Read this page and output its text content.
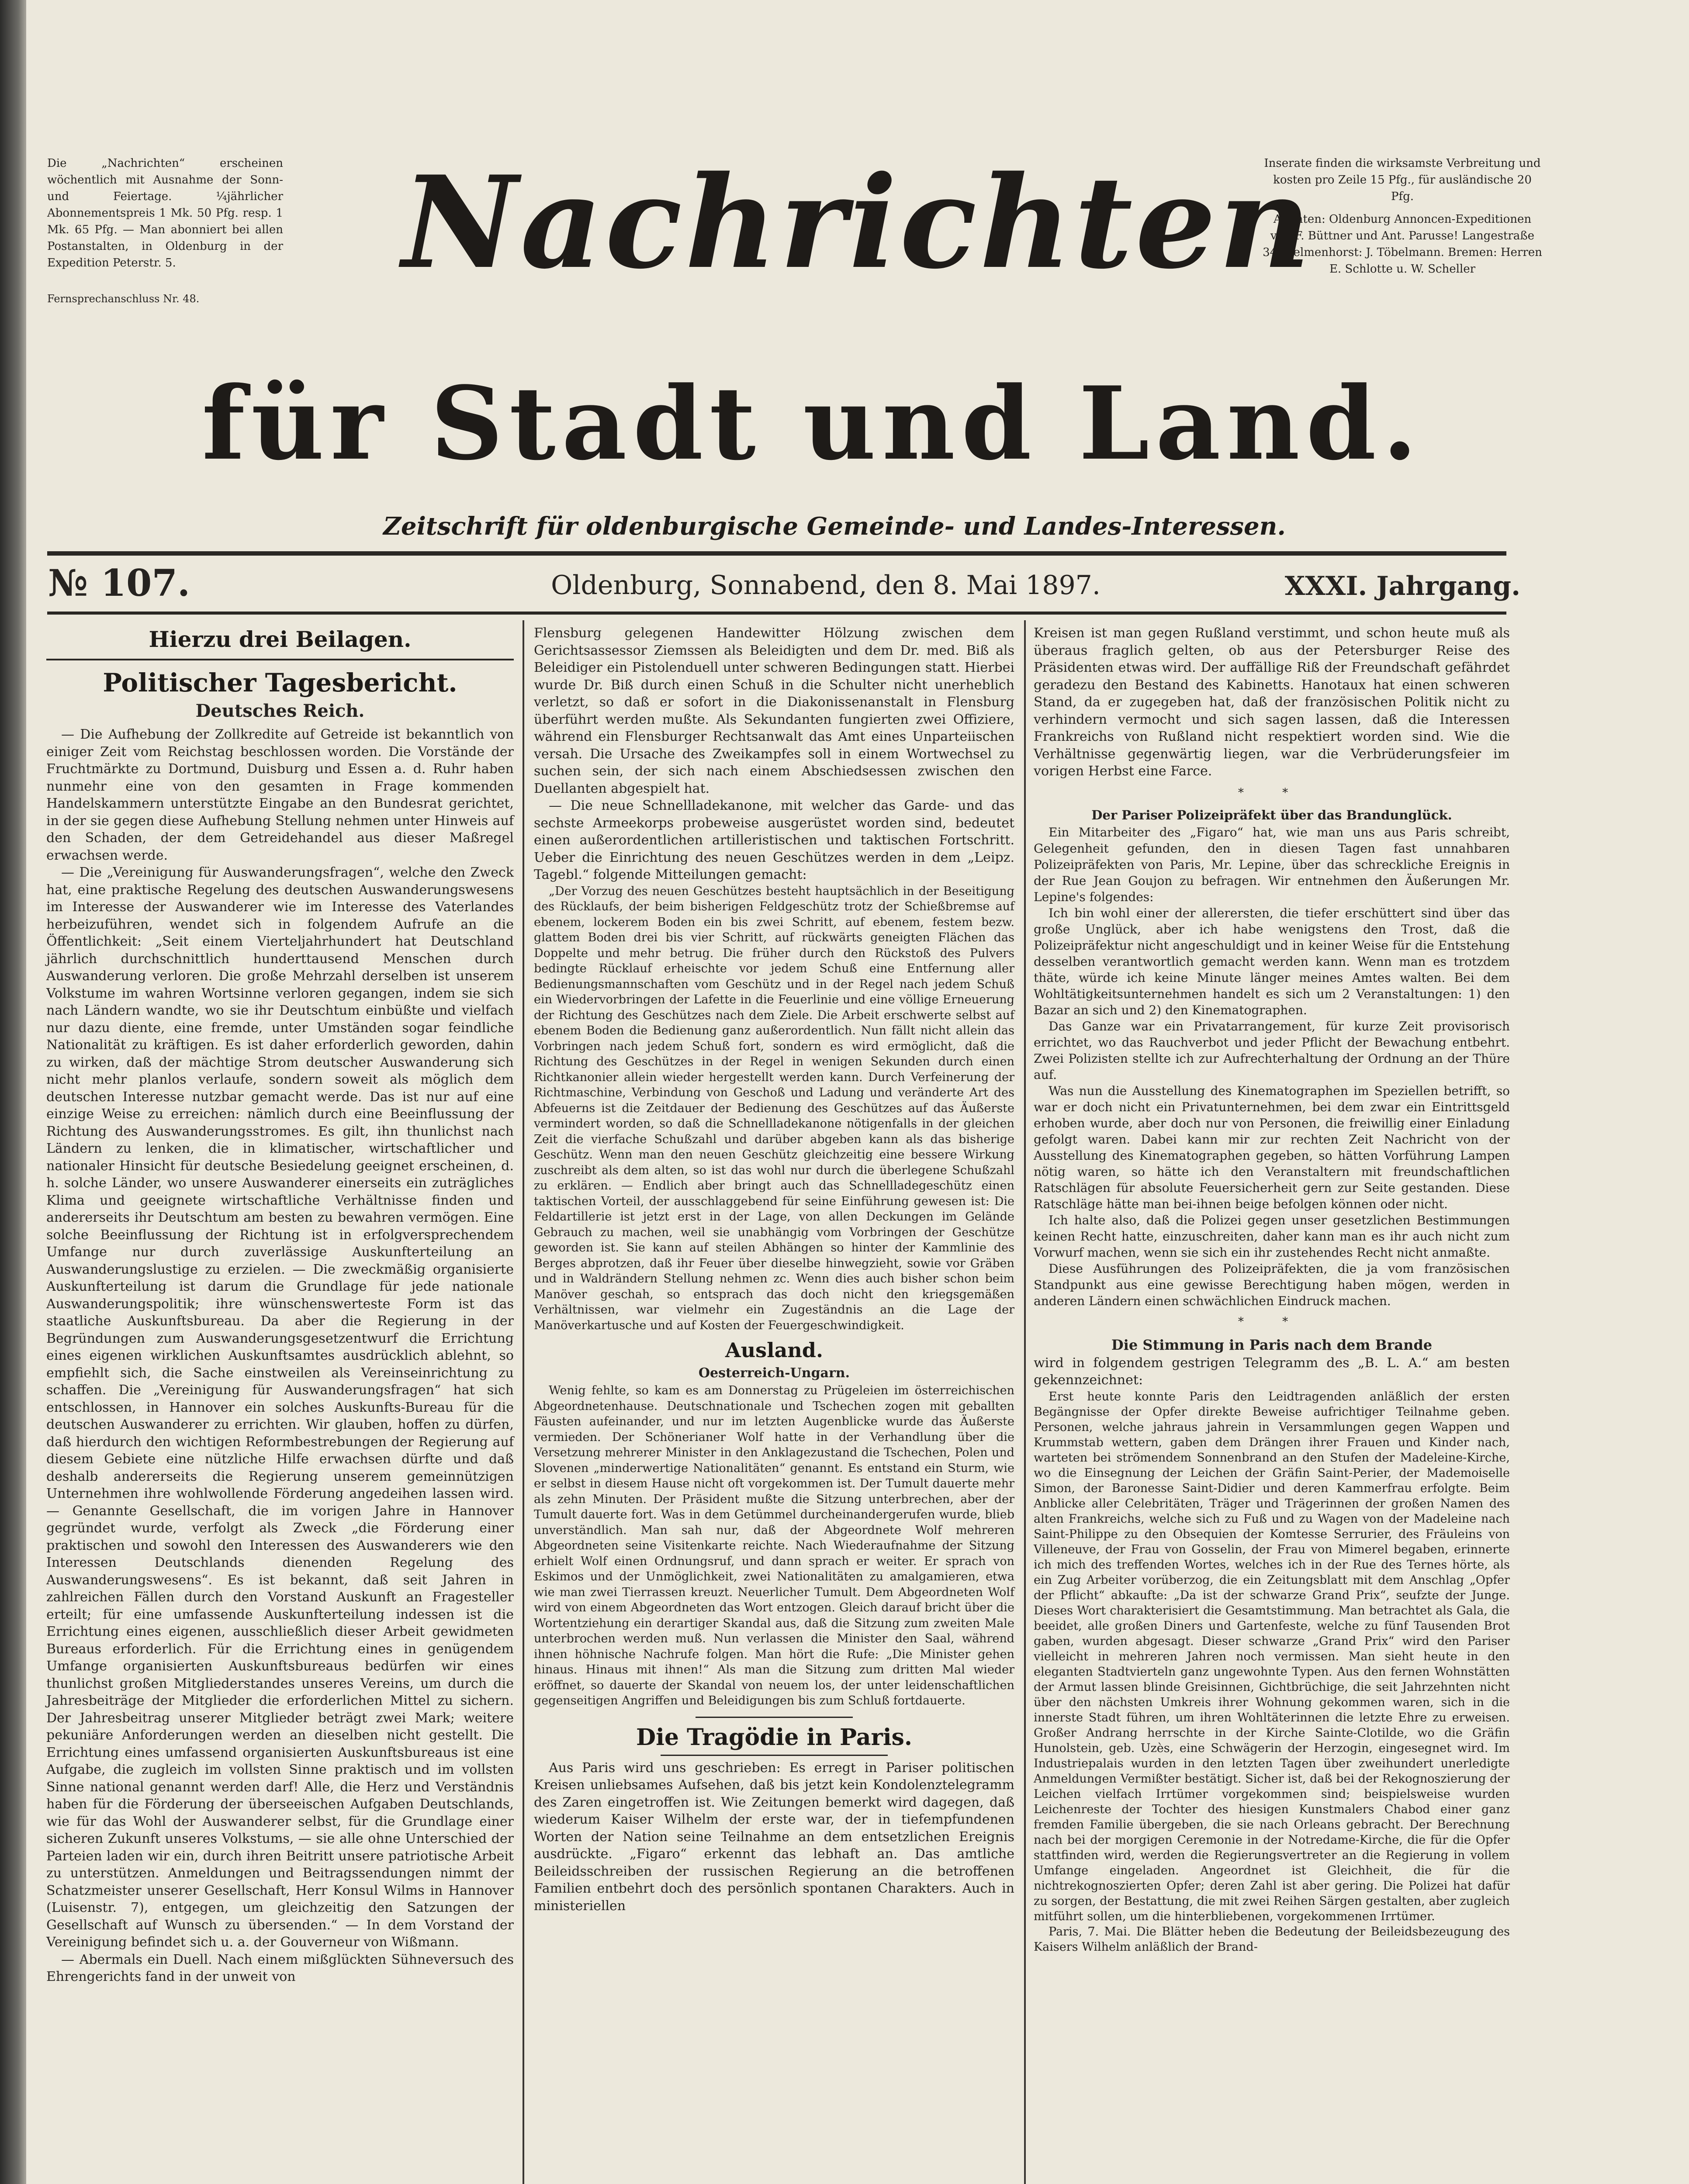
Die „Nachrichten“ erscheinen wöchentlich mit Ausnahme der Sonn- und Feiertage. ¼jährlicher Abonnementspreis 1 Mk. 50 Pfg. resp. 1 Mk. 65 Pfg. — Man abonniert bei allen Postanstalten, in Oldenburg in der Expedition Peterstr. 5.

Fernsprechanschluss Nr. 48.

Inserate finden die wirksamste Verbreitung und kosten pro Zeile 15 Pfg., für ausländische 20 Pfg.

Agenten: Oldenburg Annoncen-Expeditionen von F. Büttner und Ant. Parusse! Langestraße 34. Delmenhorst: J. Töbelmann. Bremen: Herren E. Schlotte u. W. Scheller

Nachrichten
für Stadt und Land.
Zeitschrift für oldenburgische Gemeinde- und Landes-Interessen.
№ 107.	Oldenburg, Sonnabend, den 8. Mai 1897.	XXXI. Jahrgang.
Hierzu drei Beilagen.
Politischer Tagesbericht.
Deutsches Reich.

— Die Aufhebung der Zollkredite auf Getreide ist bekanntlich von einiger Zeit vom Reichstag beschlossen worden. Die Vorstände der Fruchtmärkte zu Dortmund, Duisburg und Essen a. d. Ruhr haben nunmehr eine von den gesamten in Frage kommenden Handelskammern unterstützte Eingabe an den Bundesrat gerichtet, in der sie gegen diese Aufhebung Stellung nehmen unter Hinweis auf den Schaden, der dem Getreidehandel aus dieser Maßregel erwachsen werde.

— Die „Vereinigung für Auswanderungsfragen“, welche den Zweck hat, eine praktische Regelung des deutschen Auswanderungswesens im Interesse der Auswanderer wie im Interesse des Vaterlandes herbeizuführen, wendet sich in folgendem Aufrufe an die Öffentlichkeit: „Seit einem Vierteljahrhundert hat Deutschland jährlich durchschnittlich hunderttausend Menschen durch Auswanderung verloren. Die große Mehrzahl derselben ist unserem Volkstume im wahren Wortsinne verloren gegangen, indem sie sich nach Ländern wandte, wo sie ihr Deutschtum einbüßte und vielfach nur dazu diente, eine fremde, unter Umständen sogar feindliche Nationalität zu kräftigen. Es ist daher erforderlich geworden, dahin zu wirken, daß der mächtige Strom deutscher Auswanderung sich nicht mehr planlos verlaufe, sondern soweit als möglich dem deutschen Interesse nutzbar gemacht werde. Das ist nur auf eine einzige Weise zu erreichen: nämlich durch eine Beeinflussung der Richtung des Auswanderungsstromes. Es gilt, ihn thunlichst nach Ländern zu lenken, die in klimatischer, wirtschaftlicher und nationaler Hinsicht für deutsche Besiedelung geeignet erscheinen, d. h. solche Länder, wo unsere Auswanderer einerseits ein zuträgliches Klima und geeignete wirtschaftliche Verhältnisse finden und andererseits ihr Deutschtum am besten zu bewahren vermögen. Eine solche Beeinflussung der Richtung ist in erfolgversprechendem Umfange nur durch zuverlässige Auskunfterteilung an Auswanderungslustige zu erzielen. — Die zweckmäßig organisierte Auskunfterteilung ist darum die Grundlage für jede nationale Auswanderungspolitik; ihre wünschenswerteste Form ist das staatliche Auskunftsbureau. Da aber die Regierung in der Begründungen zum Auswanderungsgesetzentwurf die Errichtung eines eigenen wirklichen Auskunftsamtes ausdrücklich ablehnt, so empfiehlt sich, die Sache einstweilen als Vereinseinrichtung zu schaffen. Die „Vereinigung für Auswanderungsfragen“ hat sich entschlossen, in Hannover ein solches Auskunfts-Bureau für die deutschen Auswanderer zu errichten. Wir glauben, hoffen zu dürfen, daß hierdurch den wichtigen Reformbestrebungen der Regierung auf diesem Gebiete eine nützliche Hilfe erwachsen dürfte und daß deshalb andererseits die Regierung unserem gemeinnützigen Unternehmen ihre wohlwollende Förderung angedeihen lassen wird. — Genannte Gesellschaft, die im vorigen Jahre in Hannover gegründet wurde, verfolgt als Zweck „die Förderung einer praktischen und sowohl den Interessen des Auswanderers wie den Interessen Deutschlands dienenden Regelung des Auswanderungswesens“. Es ist bekannt, daß seit Jahren in zahlreichen Fällen durch den Vorstand Auskunft an Fragesteller erteilt; für eine umfassende Auskunfterteilung indessen ist die Errichtung eines eigenen, ausschließlich dieser Arbeit gewidmeten Bureaus erforderlich. Für die Errichtung eines in genügendem Umfange organisierten Auskunftsbureaus bedürfen wir eines thunlichst großen Mitgliederstandes unseres Vereins, um durch die Jahresbeiträge der Mitglieder die erforderlichen Mittel zu sichern. Der Jahresbeitrag unserer Mitglieder beträgt zwei Mark; weitere pekuniäre Anforderungen werden an dieselben nicht gestellt. Die Errichtung eines umfassend organisierten Auskunftsbureaus ist eine Aufgabe, die zugleich im vollsten Sinne praktisch und im vollsten Sinne national genannt werden darf! Alle, die Herz und Verständnis haben für die Förderung der überseeischen Aufgaben Deutschlands, wie für das Wohl der Auswanderer selbst, für die Grundlage einer sicheren Zukunft unseres Volkstums, — sie alle ohne Unterschied der Parteien laden wir ein, durch ihren Beitritt unsere patriotische Arbeit zu unterstützen. Anmeldungen und Beitragssendungen nimmt der Schatzmeister unserer Gesellschaft, Herr Konsul Wilms in Hannover (Luisenstr. 7), entgegen, um gleichzeitig den Satzungen der Gesellschaft auf Wunsch zu übersenden.“ — In dem Vorstand der Vereinigung befindet sich u. a. der Gouverneur von Wißmann.

— Abermals ein Duell. Nach einem mißglückten Sühneversuch des Ehrengerichts fand in der unweit von

Flensburg gelegenen Handewitter Hölzung zwischen dem Gerichtsassessor Ziemssen als Beleidigten und dem Dr. med. Biß als Beleidiger ein Pistolenduell unter schweren Bedingungen statt. Hierbei wurde Dr. Biß durch einen Schuß in die Schulter nicht unerheblich verletzt, so daß er sofort in die Diakonissenanstalt in Flensburg überführt werden mußte. Als Sekundanten fungierten zwei Offiziere, während ein Flensburger Rechtsanwalt das Amt eines Unparteiischen versah. Die Ursache des Zweikampfes soll in einem Wortwechsel zu suchen sein, der sich nach einem Abschiedsessen zwischen den Duellanten abgespielt hat.

— Die neue Schnellladekanone, mit welcher das Garde- und das sechste Armeekorps probeweise ausgerüstet worden sind, bedeutet einen außerordentlichen artilleristischen und taktischen Fortschritt. Ueber die Einrichtung des neuen Geschützes werden in dem „Leipz. Tagebl.“ folgende Mitteilungen gemacht:

„Der Vorzug des neuen Geschützes besteht hauptsächlich in der Beseitigung des Rücklaufs, der beim bisherigen Feldgeschütz trotz der Schießbremse auf ebenem, lockerem Boden ein bis zwei Schritt, auf ebenem, festem bezw. glattem Boden drei bis vier Schritt, auf rückwärts geneigten Flächen das Doppelte und mehr betrug. Die früher durch den Rückstoß des Pulvers bedingte Rücklauf erheischte vor jedem Schuß eine Entfernung aller Bedienungsmannschaften vom Geschütz und in der Regel nach jedem Schuß ein Wiedervorbringen der Lafette in die Feuerlinie und eine völlige Erneuerung der Richtung des Geschützes nach dem Ziele. Die Arbeit erschwerte selbst auf ebenem Boden die Bedienung ganz außerordentlich. Nun fällt nicht allein das Vorbringen nach jedem Schuß fort, sondern es wird ermöglicht, daß die Richtung des Geschützes in der Regel in wenigen Sekunden durch einen Richtkanonier allein wieder hergestellt werden kann. Durch Verfeinerung der Richtmaschine, Verbindung von Geschoß und Ladung und veränderte Art des Abfeuerns ist die Zeitdauer der Bedienung des Geschützes auf das Äußerste vermindert worden, so daß die Schnellladekanone nötigenfalls in der gleichen Zeit die vierfache Schußzahl und darüber abgeben kann als das bisherige Geschütz. Wenn man den neuen Geschütz gleichzeitig eine bessere Wirkung zuschreibt als dem alten, so ist das wohl nur durch die überlegene Schußzahl zu erklären. — Endlich aber bringt auch das Schnellladegeschütz einen taktischen Vorteil, der ausschlaggebend für seine Einführung gewesen ist: Die Feldartillerie ist jetzt erst in der Lage, von allen Deckungen im Gelände Gebrauch zu machen, weil sie unabhängig vom Vorbringen der Geschütze geworden ist. Sie kann auf steilen Abhängen so hinter der Kammlinie des Berges abprotzen, daß ihr Feuer über dieselbe hinwegzieht, sowie vor Gräben und in Waldrändern Stellung nehmen zc. Wenn dies auch bisher schon beim Manöver geschah, so entsprach das doch nicht den kriegsgemäßen Verhältnissen, war vielmehr ein Zugeständnis an die Lage der Manöverkartusche und auf Kosten der Feuergeschwindigkeit.

Ausland.
Oesterreich-Ungarn.

Wenig fehlte, so kam es am Donnerstag zu Prügeleien im österreichischen Abgeordnetenhause. Deutschnationale und Tschechen zogen mit geballten Fäusten aufeinander, und nur im letzten Augenblicke wurde das Äußerste vermieden. Der Schönerianer Wolf hatte in der Verhandlung über die Versetzung mehrerer Minister in den Anklagezustand die Tschechen, Polen und Slovenen „minderwertige Nationalitäten“ genannt. Es entstand ein Sturm, wie er selbst in diesem Hause nicht oft vorgekommen ist. Der Tumult dauerte mehr als zehn Minuten. Der Präsident mußte die Sitzung unterbrechen, aber der Tumult dauerte fort. Was in dem Getümmel durcheinandergerufen wurde, blieb unverständlich. Man sah nur, daß der Abgeordnete Wolf mehreren Abgeordneten seine Visitenkarte reichte. Nach Wiederaufnahme der Sitzung erhielt Wolf einen Ordnungsruf, und dann sprach er weiter. Er sprach von Eskimos und der Unmöglichkeit, zwei Nationalitäten zu amalgamieren, etwa wie man zwei Tierrassen kreuzt. Neuerlicher Tumult. Dem Abgeordneten Wolf wird von einem Abgeordneten das Wort entzogen. Gleich darauf bricht über die Wortentziehung ein derartiger Skandal aus, daß die Sitzung zum zweiten Male unterbrochen werden muß. Nun verlassen die Minister den Saal, während ihnen höhnische Nachrufe folgen. Man hört die Rufe: „Die Minister gehen hinaus. Hinaus mit ihnen!“ Als man die Sitzung zum dritten Mal wieder eröffnet, so dauerte der Skandal von neuem los, der unter leidenschaftlichen gegenseitigen Angriffen und Beleidigungen bis zum Schluß fortdauerte.

Die Tragödie in Paris.

Aus Paris wird uns geschrieben: Es erregt in Pariser politischen Kreisen unliebsames Aufsehen, daß bis jetzt kein Kondolenztelegramm des Zaren eingetroffen ist. Wie Zeitungen bemerkt wird dagegen, daß wiederum Kaiser Wilhelm der erste war, der in tiefempfundenen Worten der Nation seine Teilnahme an dem entsetzlichen Ereignis ausdrückte. „Figaro“ erkennt das lebhaft an. Das amtliche Beileidsschreiben der russischen Regierung an die betroffenen Familien entbehrt doch des persönlich spontanen Charakters. Auch in ministeriellen

Kreisen ist man gegen Rußland verstimmt, und schon heute muß als überaus fraglich gelten, ob aus der Petersburger Reise des Präsidenten etwas wird. Der auffällige Riß der Freundschaft gefährdet geradezu den Bestand des Kabinetts. Hanotaux hat einen schweren Stand, da er zugegeben hat, daß der französischen Politik nicht zu verhindern vermocht und sich sagen lassen, daß die Interessen Frankreichs von Rußland nicht respektiert worden sind. Wie die Verhältnisse gegenwärtig liegen, war die Verbrüderungsfeier im vorigen Herbst eine Farce.

* *
Der Pariser Polizeipräfekt über das Brandunglück.

Ein Mitarbeiter des „Figaro“ hat, wie man uns aus Paris schreibt, Gelegenheit gefunden, den in diesen Tagen fast unnahbaren Polizeipräfekten von Paris, Mr. Lepine, über das schreckliche Ereignis in der Rue Jean Goujon zu befragen. Wir entnehmen den Äußerungen Mr. Lepine's folgendes:

Ich bin wohl einer der allerersten, die tiefer erschüttert sind über das große Unglück, aber ich habe wenigstens den Trost, daß die Polizeipräfektur nicht angeschuldigt und in keiner Weise für die Entstehung desselben verantwortlich gemacht werden kann. Wenn man es trotzdem thäte, würde ich keine Minute länger meines Amtes walten. Bei dem Wohltätigkeitsunternehmen handelt es sich um 2 Veranstaltungen: 1) den Bazar an sich und 2) den Kinematographen.

Das Ganze war ein Privatarrangement, für kurze Zeit provisorisch errichtet, wo das Rauchverbot und jeder Pflicht der Bewachung entbehrt. Zwei Polizisten stellte ich zur Aufrechterhaltung der Ordnung an der Thüre auf.

Was nun die Ausstellung des Kinematographen im Speziellen betrifft, so war er doch nicht ein Privatunternehmen, bei dem zwar ein Eintrittsgeld erhoben wurde, aber doch nur von Personen, die freiwillig einer Einladung gefolgt waren. Dabei kann mir zur rechten Zeit Nachricht von der Ausstellung des Kinematographen gegeben, so hätten Vorführung Lampen nötig waren, so hätte ich den Veranstaltern mit freundschaftlichen Ratschlägen für absolute Feuersicherheit gern zur Seite gestanden. Diese Ratschläge hätte man bei-ihnen beige befolgen können oder nicht.

Ich halte also, daß die Polizei gegen unser gesetzlichen Bestimmungen keinen Recht hatte, einzuschreiten, daher kann man es ihr auch nicht zum Vorwurf machen, wenn sie sich ein ihr zustehendes Recht nicht anmaßte.

Diese Ausführungen des Polizeipräfekten, die ja vom französischen Standpunkt aus eine gewisse Berechtigung haben mögen, werden in anderen Ländern einen schwächlichen Eindruck machen.

* *
Die Stimmung in Paris nach dem Brande

wird in folgendem gestrigen Telegramm des „B. L. A.“ am besten gekennzeichnet:

Erst heute konnte Paris den Leidtragenden anläßlich der ersten Begängnisse der Opfer direkte Beweise aufrichtiger Teilnahme geben. Personen, welche jahraus jahrein in Versammlungen gegen Wappen und Krummstab wettern, gaben dem Drängen ihrer Frauen und Kinder nach, warteten bei strömendem Sonnenbrand an den Stufen der Madeleine-Kirche, wo die Einsegnung der Leichen der Gräfin Saint-Perier, der Mademoiselle Simon, der Baronesse Saint-Didier und deren Kammerfrau erfolgte. Beim Anblicke aller Celebritäten, Träger und Trägerinnen der großen Namen des alten Frankreichs, welche sich zu Fuß und zu Wagen von der Madeleine nach Saint-Philippe zu den Obsequien der Komtesse Serrurier, des Fräuleins von Villeneuve, der Frau von Gosselin, der Frau von Mimerel begaben, erinnerte ich mich des treffenden Wortes, welches ich in der Rue des Ternes hörte, als ein Zug Arbeiter vorüberzog, die ein Zeitungsblatt mit dem Anschlag „Opfer der Pflicht“ abkaufte: „Da ist der schwarze Grand Prix“, seufzte der Junge. Dieses Wort charakterisiert die Gesamtstimmung. Man betrachtet als Gala, die beeidet, alle großen Diners und Gartenfeste, welche zu fünf Tausenden Brot gaben, wurden abgesagt. Dieser schwarze „Grand Prix“ wird den Pariser vielleicht in mehreren Jahren noch vermissen. Man sieht heute in den eleganten Stadtvierteln ganz ungewohnte Typen. Aus den fernen Wohnstätten der Armut lassen blinde Greisinnen, Gichtbrüchige, die seit Jahrzehnten nicht über den nächsten Umkreis ihrer Wohnung gekommen waren, sich in die innerste Stadt führen, um ihren Wohltäterinnen die letzte Ehre zu erweisen. Großer Andrang herrschte in der Kirche Sainte-Clotilde, wo die Gräfin Hunolstein, geb. Uzès, eine Schwägerin der Herzogin, eingesegnet wird. Im Industriepalais wurden in den letzten Tagen über zweihundert unerledigte Anmeldungen Vermißter bestätigt. Sicher ist, daß bei der Rekognoszierung der Leichen vielfach Irrtümer vorgekommen sind; beispielsweise wurden Leichenreste der Tochter des hiesigen Kunstmalers Chabod einer ganz fremden Familie übergeben, die sie nach Orleans gebracht. Der Berechnung nach bei der morgigen Ceremonie in der Notredame-Kirche, die für die Opfer stattfinden wird, werden die Regierungsvertreter an die Regierung in vollem Umfange eingeladen. Angeordnet ist Gleichheit, die für die nichtrekognoszierten Opfer; deren Zahl ist aber gering. Die Polizei hat dafür zu sorgen, der Bestattung, die mit zwei Reihen Särgen gestalten, aber zugleich mitführt sollen, um die hinterbliebenen, vorgekommenen Irrtümer.

Paris, 7. Mai. Die Blätter heben die Bedeutung der Beileidsbezeugung des Kaisers Wilhelm anläßlich der Brand-
